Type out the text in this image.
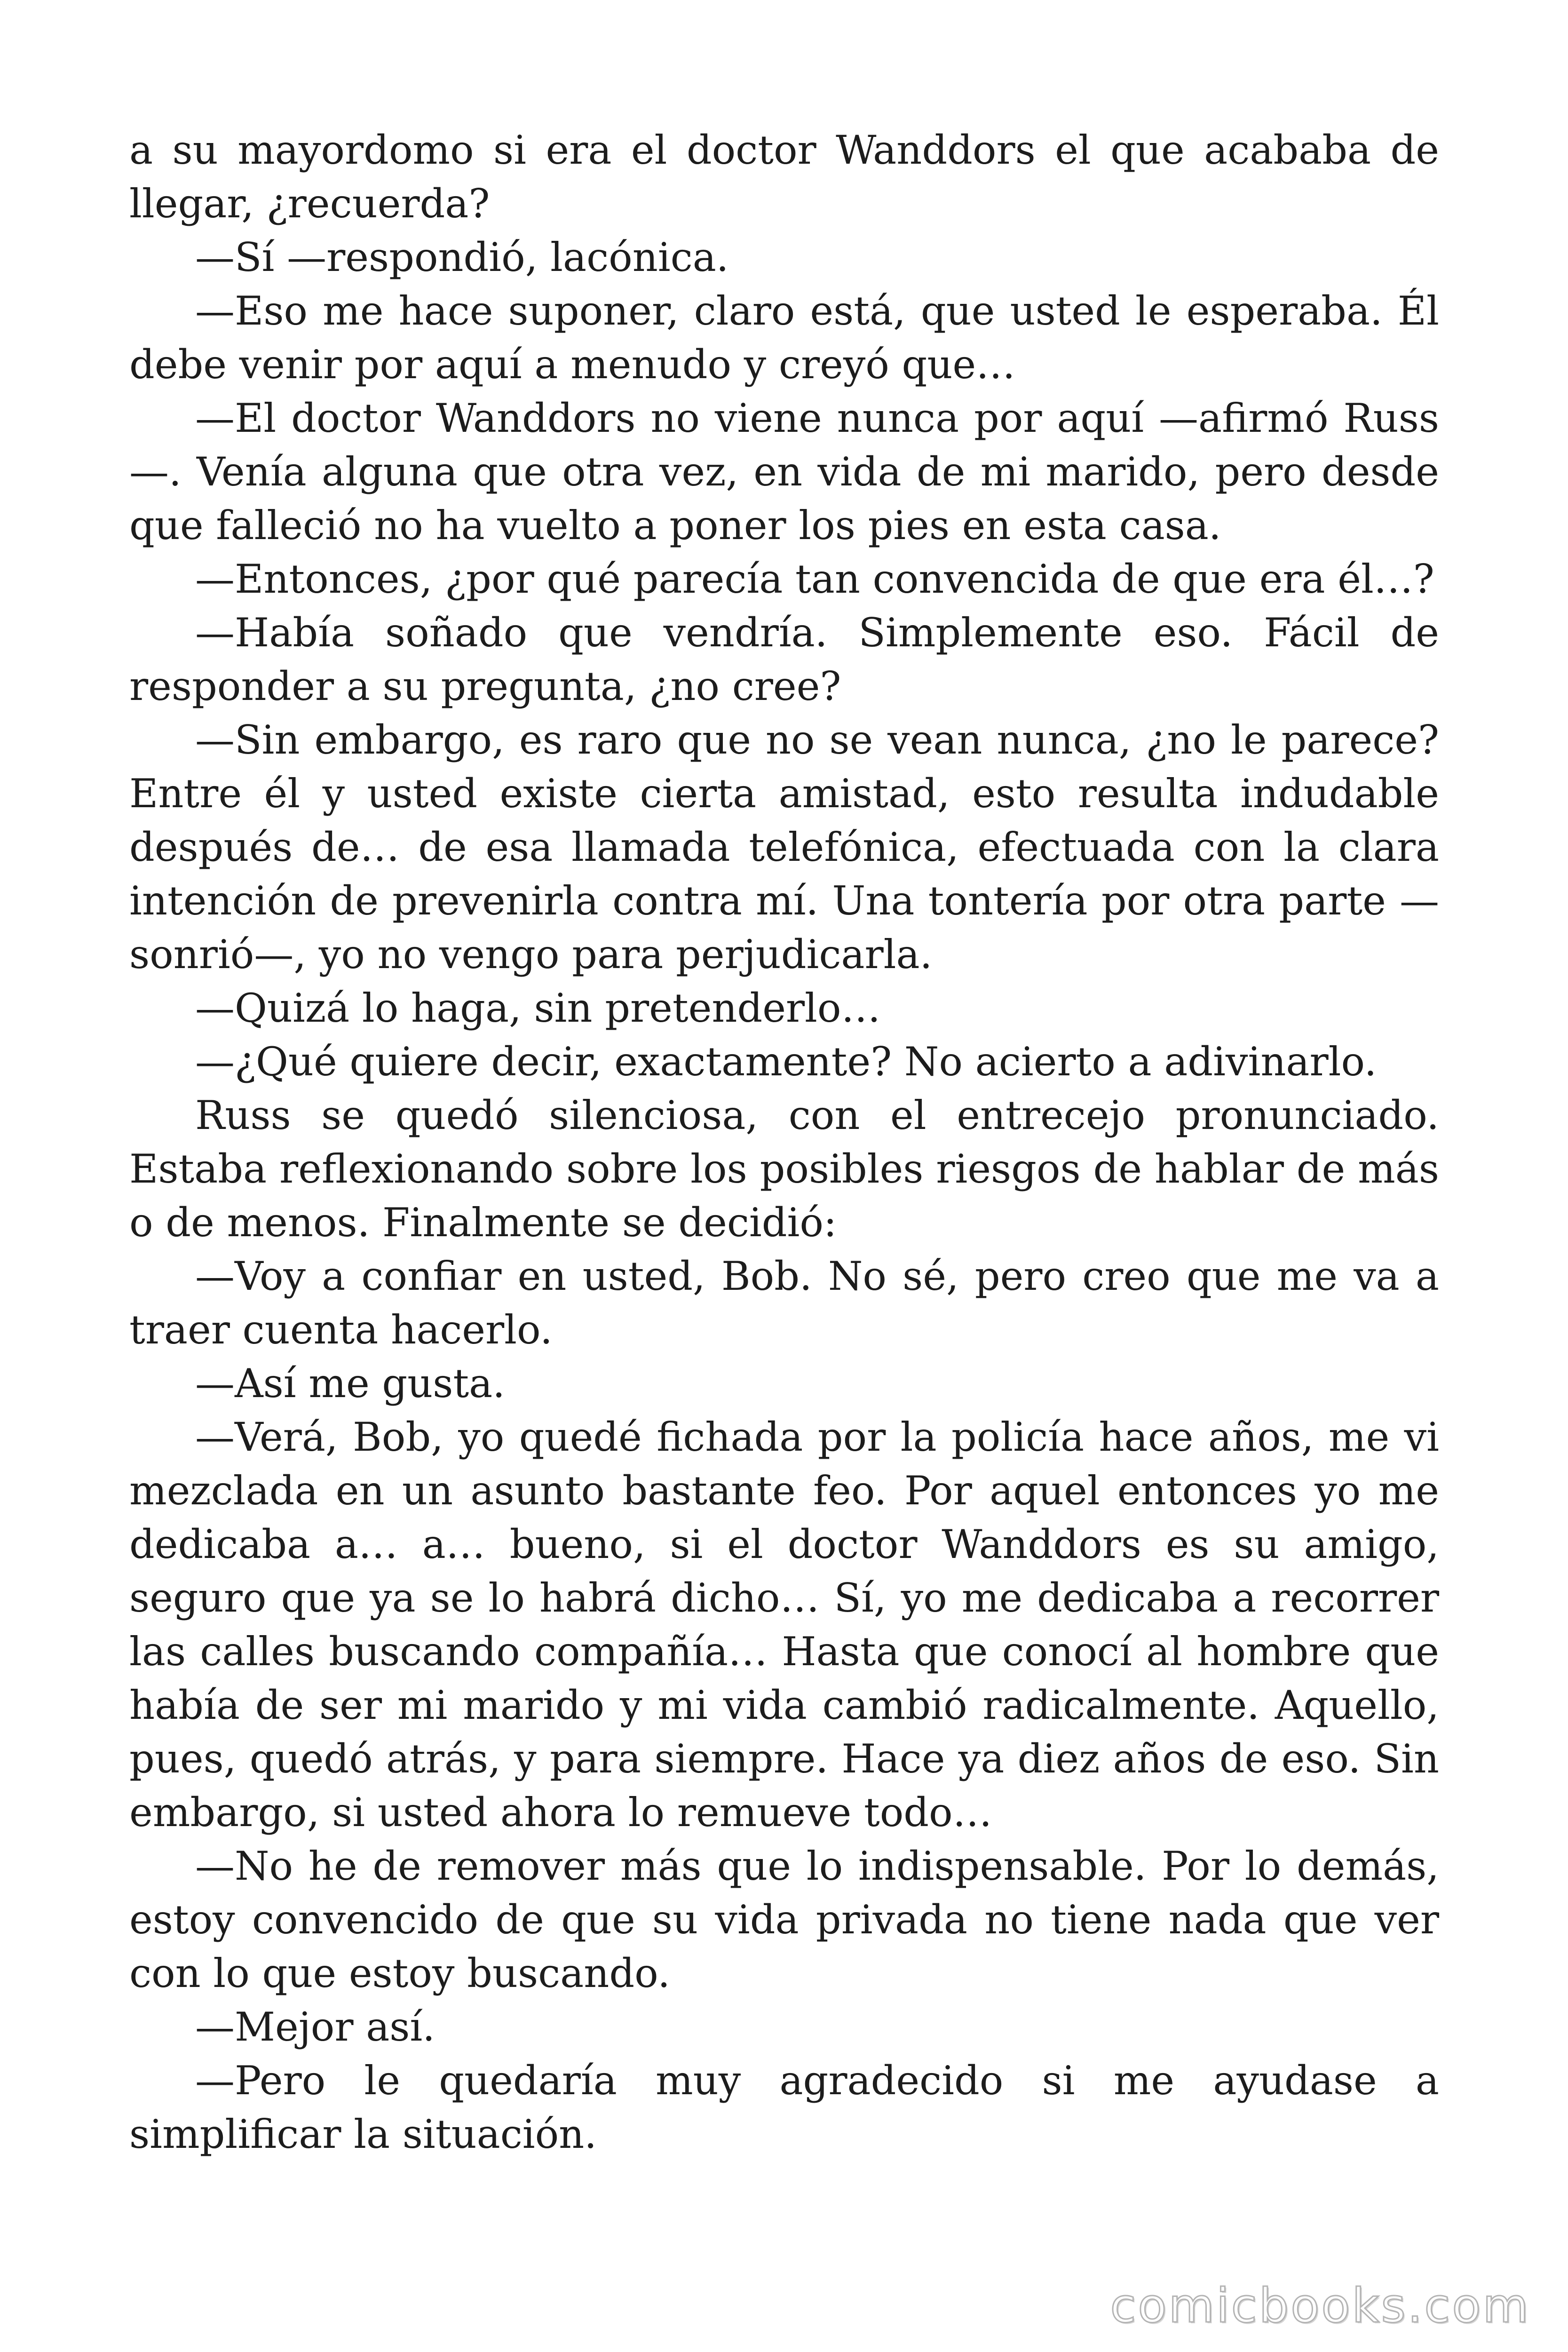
a su mayordomo si era el doctor Wanddors el que acababa de llegar, ¿recuerda?

—Sí —respondió, lacónica.

—Eso me hace suponer, claro está, que usted le esperaba. Él debe venir por aquí a menudo y creyó que…

—El doctor Wanddors no viene nunca por aquí —afirmó Russ—. Venía alguna que otra vez, en vida de mi marido, pero desde que falleció no ha vuelto a poner los pies en esta casa.

—Entonces, ¿por qué parecía tan convencida de que era él…?

—Había soñado que vendría. Simplemente eso. Fácil de responder a su pregunta, ¿no cree?

—Sin embargo, es raro que no se vean nunca, ¿no le parece? Entre él y usted existe cierta amistad, esto resulta indudable después de… de esa llamada telefónica, efectuada con la clara intención de prevenirla contra mí. Una tontería por otra parte —sonrió—, yo no vengo para perjudicarla.

—Quizá lo haga, sin pretenderlo…

—¿Qué quiere decir, exactamente? No acierto a adivinarlo.

Russ se quedó silenciosa, con el entrecejo pronunciado. Estaba reflexionando sobre los posibles riesgos de hablar de más o de menos. Finalmente se decidió:

—Voy a confiar en usted, Bob. No sé, pero creo que me va a traer cuenta hacerlo.

—Así me gusta.

—Verá, Bob, yo quedé fichada por la policía hace años, me vi mezclada en un asunto bastante feo. Por aquel entonces yo me dedicaba a… a… bueno, si el doctor Wanddors es su amigo, seguro que ya se lo habrá dicho… Sí, yo me dedicaba a recorrer las calles buscando compañía… Hasta que conocí al hombre que había de ser mi marido y mi vida cambió radicalmente. Aquello, pues, quedó atrás, y para siempre. Hace ya diez años de eso. Sin embargo, si usted ahora lo remueve todo…

—No he de remover más que lo indispensable. Por lo demás, estoy convencido de que su vida privada no tiene nada que ver con lo que estoy buscando.

—Mejor así.

—Pero le quedaría muy agradecido si me ayudase a simplificar la situación.

comicbooks.com
